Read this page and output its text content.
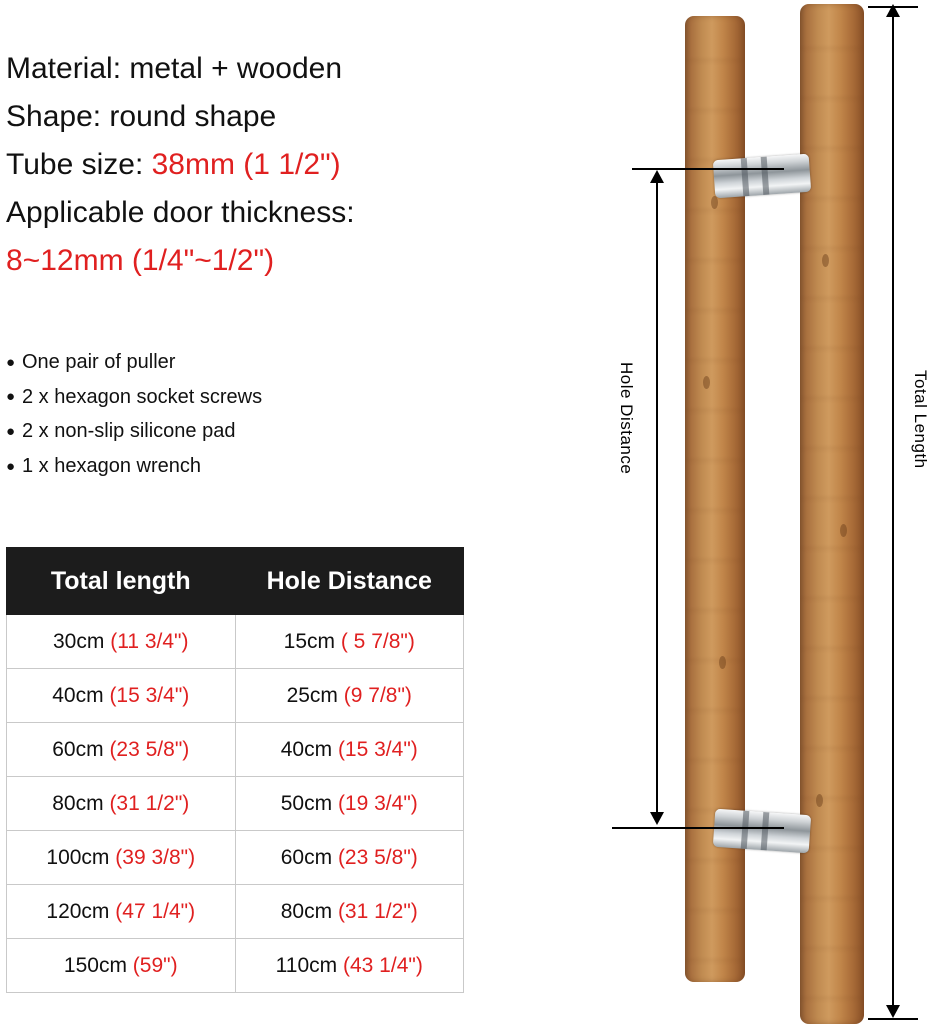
Material: metal + wooden
Shape: round shape
Tube size: 38mm (1 1/2")
Applicable door thickness:
8~12mm (1/4"~1/2")
● One pair of puller
● 2 x hexagon socket screws
● 2 x non-slip silicone pad
● 1 x hexagon wrench
Total length	Hole Distance
30cm (11 3/4")	15cm ( 5 7/8")
40cm (15 3/4")	25cm (9 7/8")
60cm (23 5/8")	40cm (15 3/4")
80cm (31 1/2")	50cm (19 3/4")
100cm (39 3/8")	60cm (23 5/8")
120cm (47 1/4")	80cm (31 1/2")
150cm (59")	110cm (43 1/4")
Hole Distance	Total Length
